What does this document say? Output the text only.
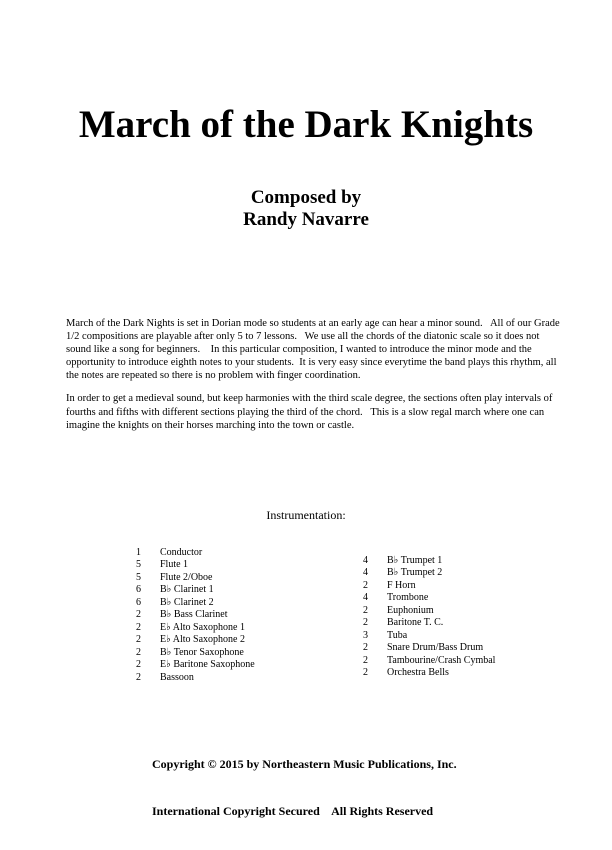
March of the Dark Knights
Composed by
Randy Navarre

March of the Dark Nights is set in Dorian mode so students at an early age can hear a minor sound.   All of our Grade 1/2 compositions are playable after only 5 to 7 lessons.   We use all the chords of the diatonic scale so it does not sound like a song for beginners.    In this particular composition, I wanted to introduce the minor mode and the opportunity to introduce eighth notes to your students.  It is very easy since everytime the band plays this rhythm, all the notes are repeated so there is no problem with finger coordination.

In order to get a medieval sound, but keep harmonies with the third scale degree, the sections often play intervals of fourths and fifths with different sections playing the third of the chord.   This is a slow regal march where one can imagine the knights on their horses marching into the town or castle.

Instrumentation:
1 Conductor
5 Flute 1
5 Flute 2/Oboe
6 B♭ Clarinet 1
6 B♭ Clarinet 2
2 B♭ Bass Clarinet
2 E♭ Alto Saxophone 1
2 E♭ Alto Saxophone 2
2 B♭ Tenor Saxophone
2 E♭ Baritone Saxophone
2 Bassoon
4 B♭ Trumpet 1
4 B♭ Trumpet 2
2 F Horn
4 Trombone
2 Euphonium
2 Baritone T. C.
3 Tuba
2 Snare Drum/Bass Drum
2 Tambourine/Crash Cymbal
2 Orchestra Bells

Copyright © 2015 by Northeastern Music Publications, Inc.

International Copyright Secured    All Rights Reserved
